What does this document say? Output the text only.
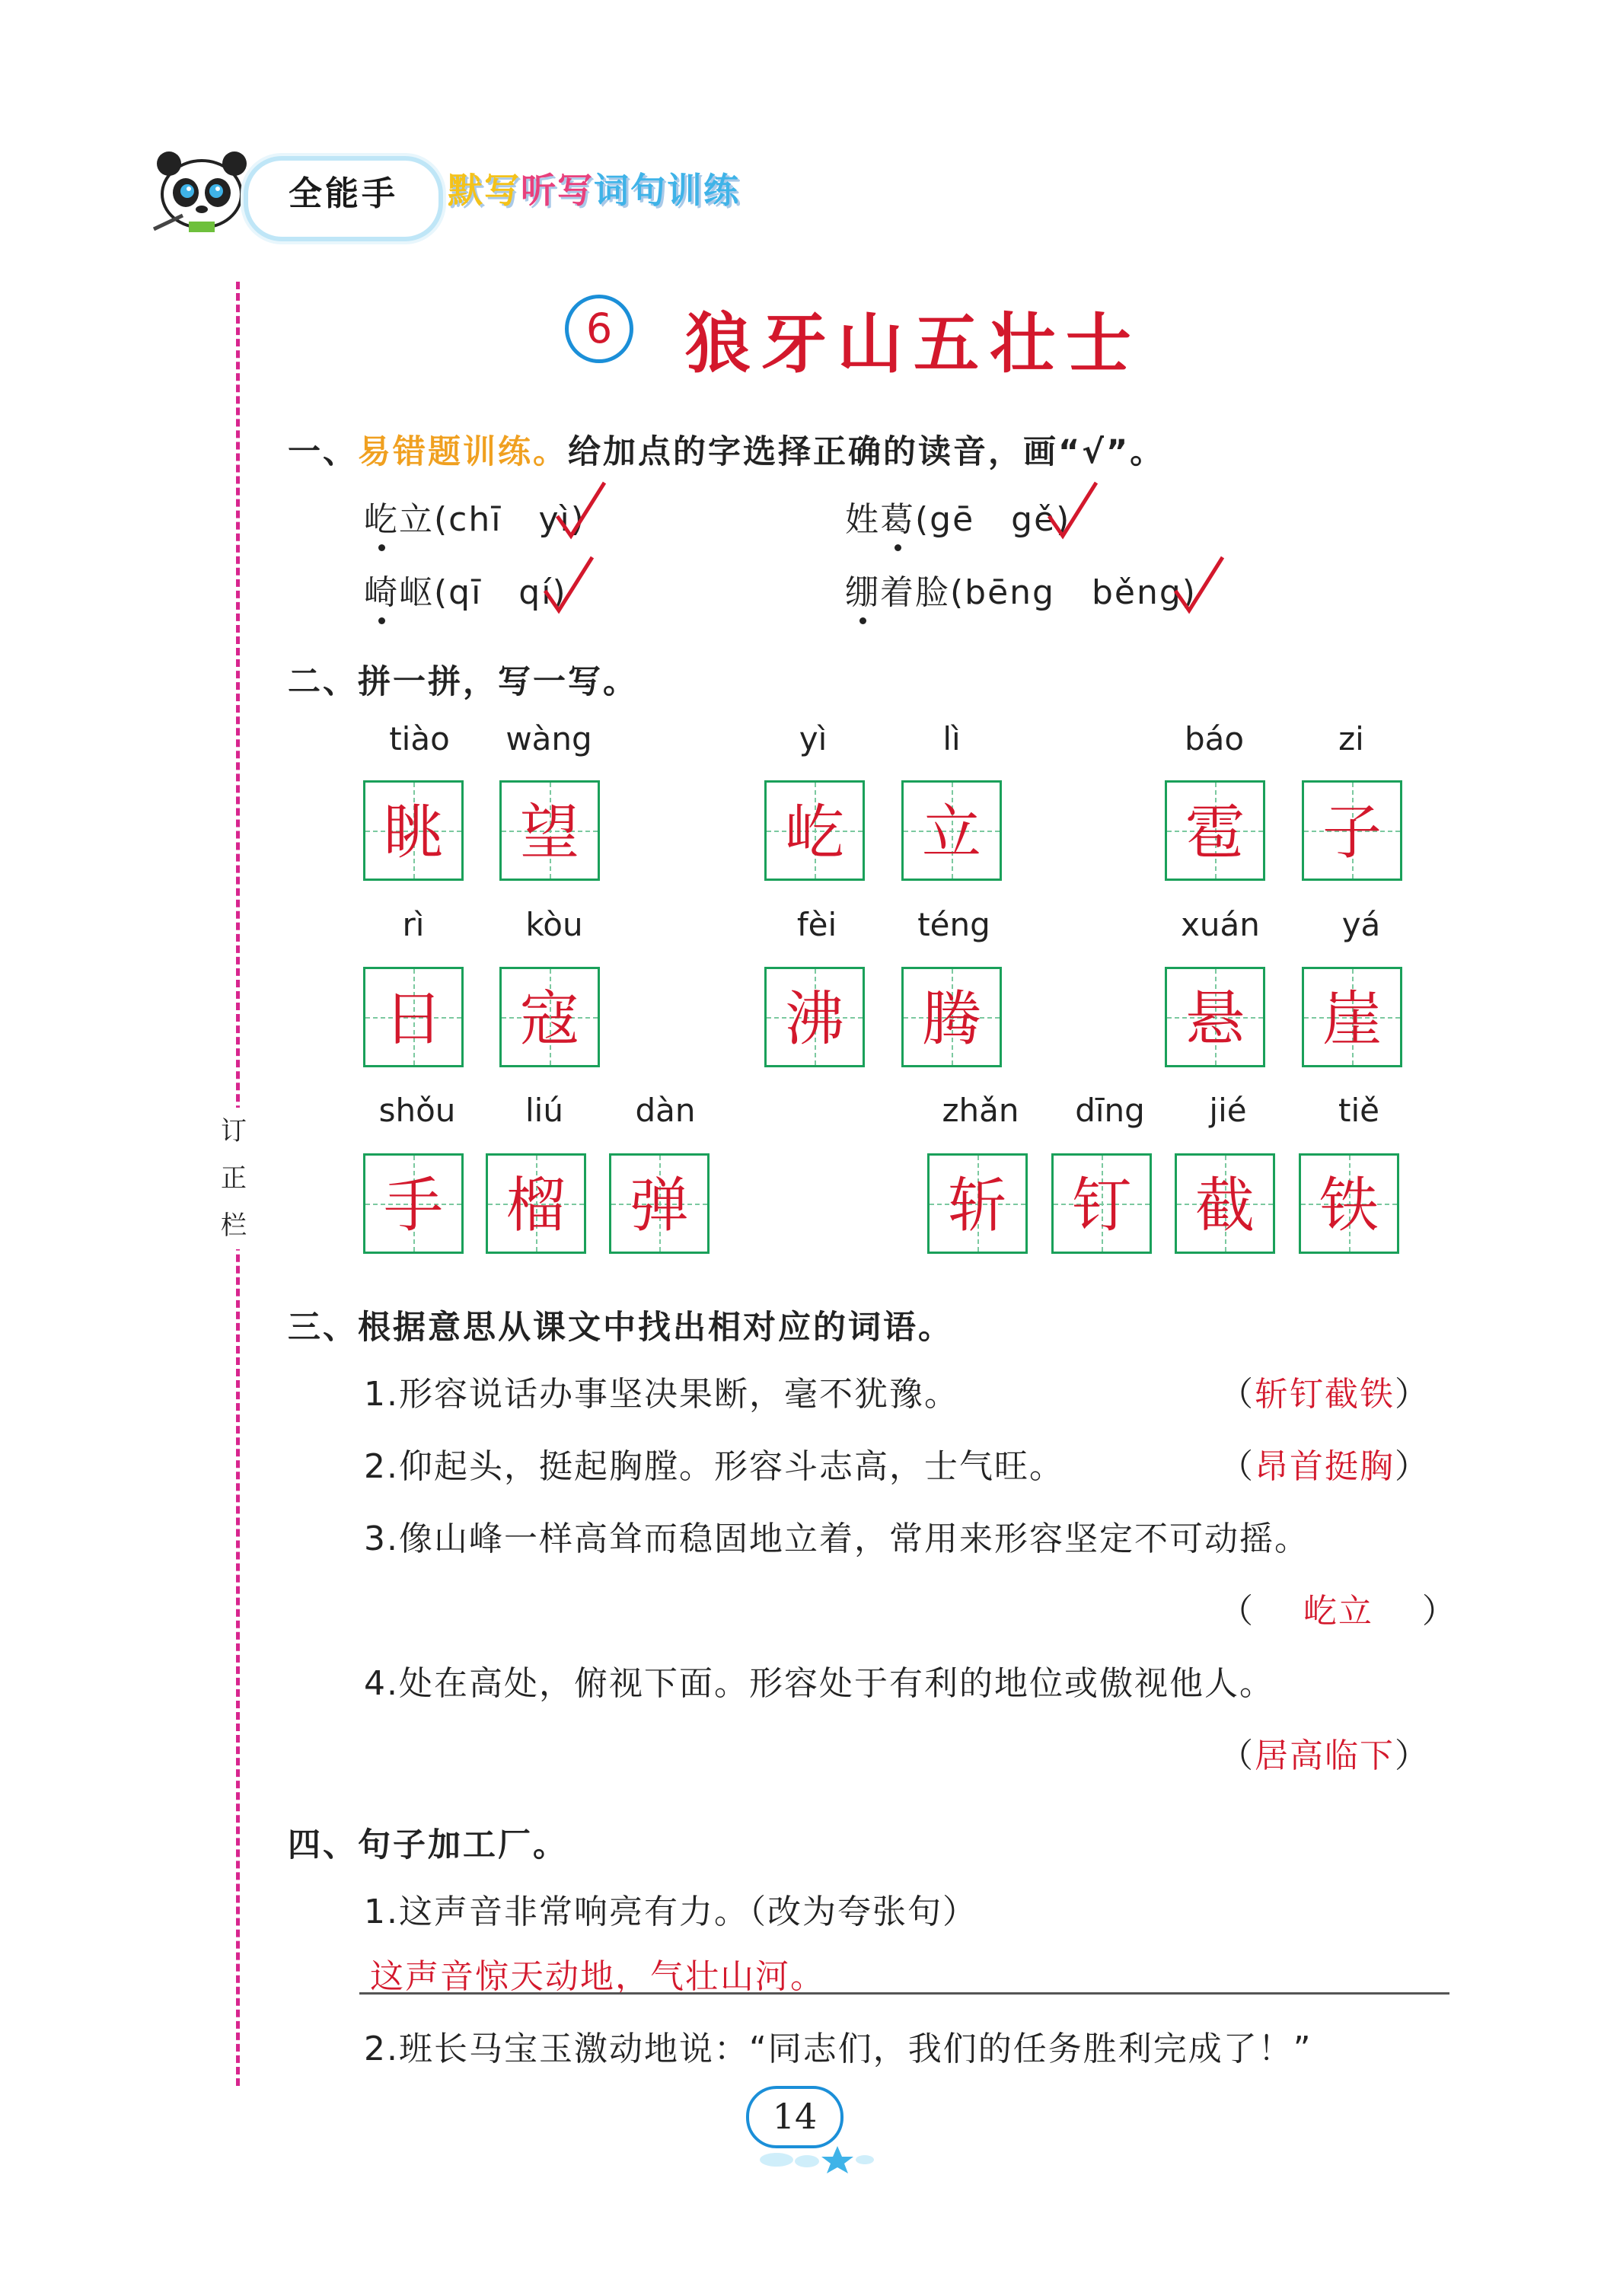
全能手	默写听写词句训练
订正栏
6	狼牙山五壮士
一、易错题训练。给加点的字选择正确的读音，画“√”。
屹立(chī yì)	姓葛(gē gě)
崎岖(qī qí)	绷着脸(bēng běng)
二、拼一拼，写一写。
tiào	wàng	yì	lì	báo	zi
眺	望	屹	立	雹	子
rì	kòu	fèi	téng	xuán	yá
日	寇	沸	腾	悬	崖
shǒu	liú	dàn	zhǎn	dīng	jié	tiě
手	榴	弹	斩	钉	截	铁
三、根据意思从课文中找出相对应的词语。
1.形容说话办事坚决果断，毫不犹豫。	（斩钉截铁）
2.仰起头，挺起胸膛。形容斗志高，士气旺。	（昂首挺胸）
3.像山峰一样高耸而稳固地立着，常用来形容坚定不可动摇。
（ 屹立 ）
4.处在高处，俯视下面。形容处于有利的地位或傲视他人。
（居高临下）
四、句子加工厂。
1.这声音非常响亮有力。（改为夸张句）
这声音惊天动地，气壮山河。
2.班长马宝玉激动地说：“同志们，我们的任务胜利完成了！”
14
